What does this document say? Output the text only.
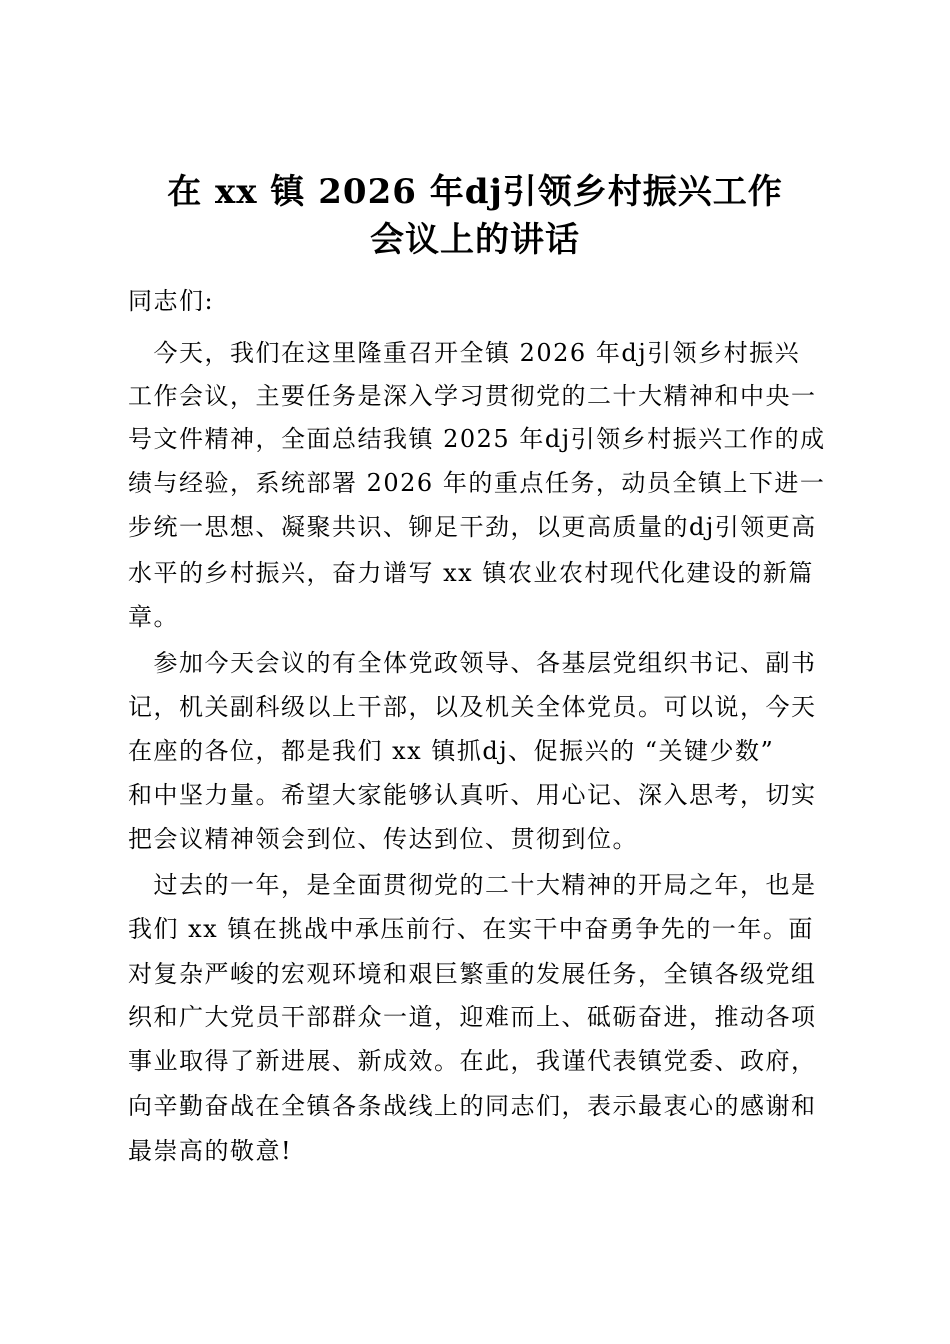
在 xx 镇 2026 年dj引领乡村振兴工作
会议上的讲话

同志们:

　今天，我们在这里隆重召开全镇 2026 年dj引领乡村振兴

工作会议，主要任务是深入学习贯彻党的二十大精神和中央一

号文件精神，全面总结我镇 2025 年dj引领乡村振兴工作的成

绩与经验，系统部署 2026 年的重点任务，动员全镇上下进一

步统一思想、凝聚共识、铆足干劲，以更高质量的dj引领更高

水平的乡村振兴，奋力谱写 xx 镇农业农村现代化建设的新篇

章。

　参加今天会议的有全体党政领导、各基层党组织书记、副书

记，机关副科级以上干部，以及机关全体党员。可以说，今天

在座的各位，都是我们 xx 镇抓dj、促振兴的 “关键少数”

和中坚力量。希望大家能够认真听、用心记、深入思考，切实

把会议精神领会到位、传达到位、贯彻到位。

　过去的一年，是全面贯彻党的二十大精神的开局之年，也是

我们 xx 镇在挑战中承压前行、在实干中奋勇争先的一年。面

对复杂严峻的宏观环境和艰巨繁重的发展任务，全镇各级党组

织和广大党员干部群众一道，迎难而上、砥砺奋进，推动各项

事业取得了新进展、新成效。在此，我谨代表镇党委、政府，

向辛勤奋战在全镇各条战线上的同志们，表示最衷心的感谢和

最崇高的敬意!
